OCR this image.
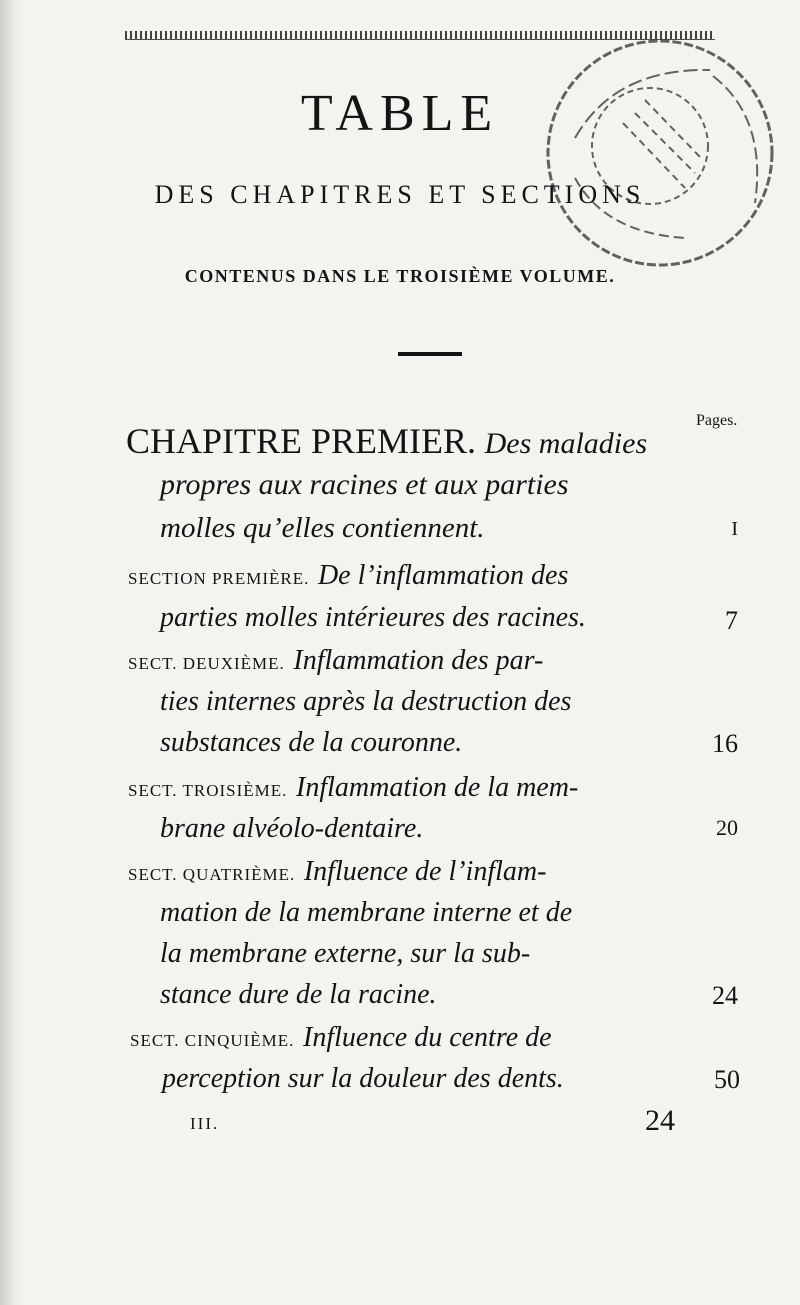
TABLE
DES CHAPITRES ET SECTIONS
CONTENUS DANS LE TROISIÈME VOLUME.
Pages.
CHAPITRE PREMIER. Des maladies
propres aux racines et aux parties
molles qu’elles contiennent.	I
SECTION PREMIÈRE. De l’inflammation des
parties molles intérieures des racines.	7
SECT. DEUXIÈME. Inflammation des par-
ties internes après la destruction des
substances de la couronne.	16
SECT. TROISIÈME. Inflammation de la mem-
brane alvéolo-dentaire.	20
SECT. QUATRIÈME. Influence de l’inflam-
mation de la membrane interne et de
la membrane externe, sur la sub-
stance dure de la racine.	24
SECT. CINQUIÈME. Influence du centre de
perception sur la douleur des dents.	50
III.	24
